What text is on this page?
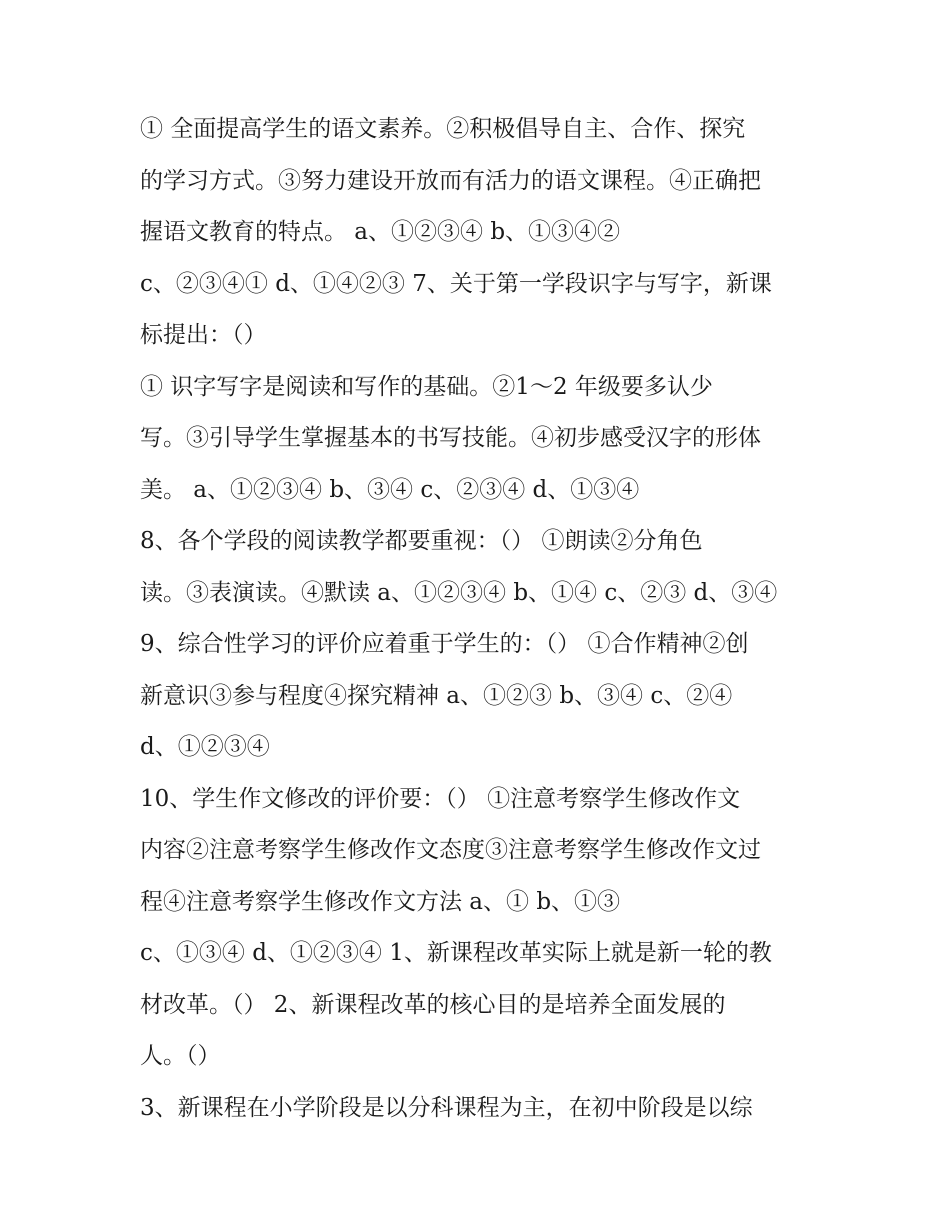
① 全面提高学生的语文素养。②积极倡导自主、合作、探究
的学习方式。③努力建设开放而有活力的语文课程。④正确把
握语文教育的特点。 a、①②③④ b、①③④②
c、②③④① d、①④②③ 7、关于第一学段识字与写字，新课
标提出：（）
① 识字写字是阅读和写作的基础。②1～2 年级要多认少
写。③引导学生掌握基本的书写技能。④初步感受汉字的形体
美。 a、①②③④ b、③④ c、②③④ d、①③④
8、各个学段的阅读教学都要重视：（） ①朗读②分角色
读。③表演读。④默读 a、①②③④ b、①④ c、②③ d、③④
9、综合性学习的评价应着重于学生的：（） ①合作精神②创
新意识③参与程度④探究精神 a、①②③ b、③④ c、②④
d、①②③④
10、学生作文修改的评价要：（） ①注意考察学生修改作文
内容②注意考察学生修改作文态度③注意考察学生修改作文过
程④注意考察学生修改作文方法 a、① b、①③
c、①③④ d、①②③④ 1、新课程改革实际上就是新一轮的教
材改革。（） 2、新课程改革的核心目的是培养全面发展的
人。（）
3、新课程在小学阶段是以分科课程为主，在初中阶段是以综
